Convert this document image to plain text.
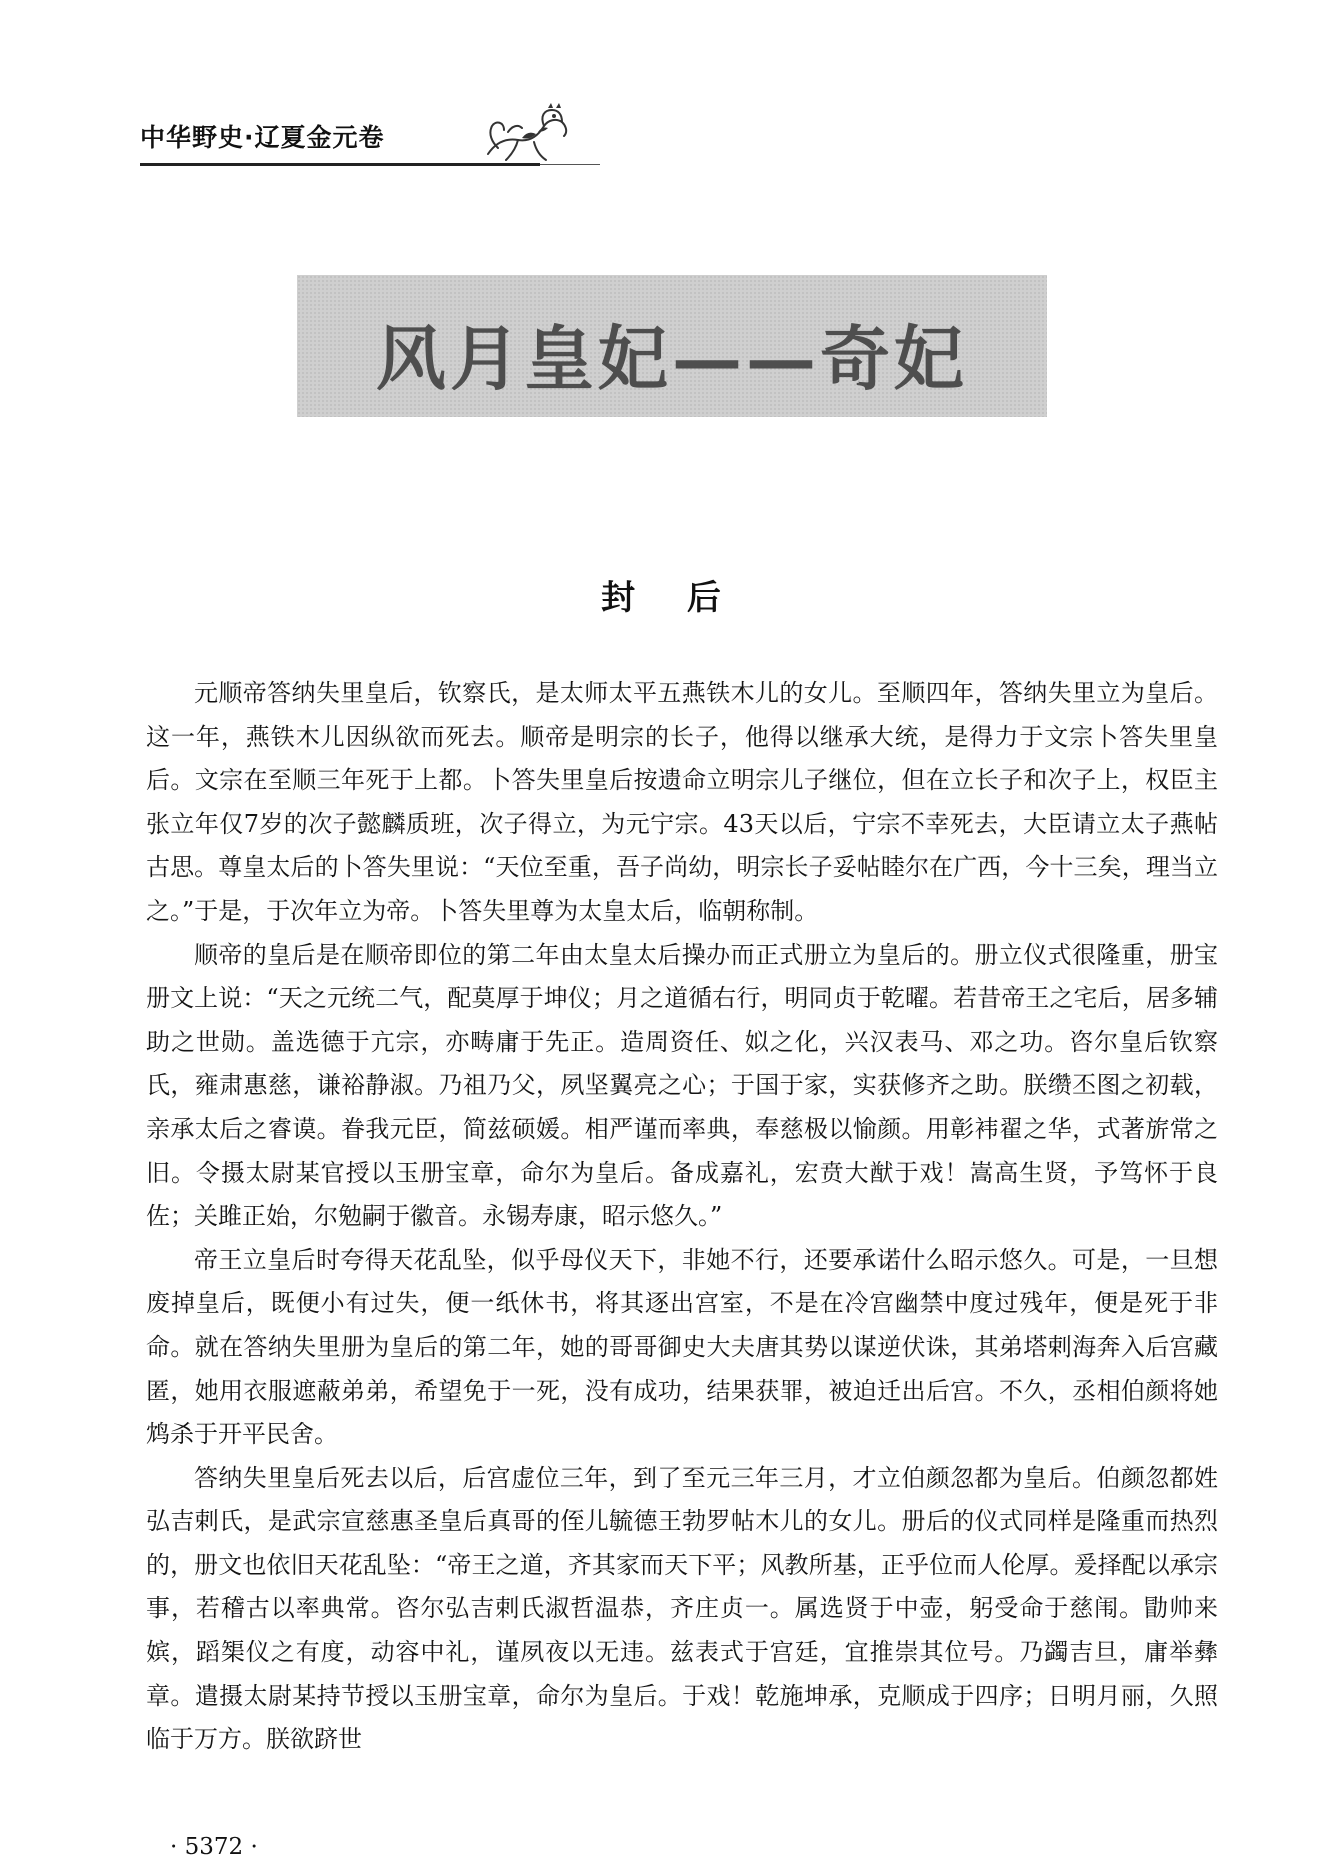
中华野史·辽夏金元卷
风月皇妃——奇妃
封 后

元顺帝答纳失里皇后，钦察氏，是太师太平五燕铁木儿的女儿。至顺四年，答纳失里立为皇后。这一年，燕铁木儿因纵欲而死去。顺帝是明宗的长子，他得以继承大统，是得力于文宗卜答失里皇后。文宗在至顺三年死于上都。卜答失里皇后按遗命立明宗儿子继位，但在立长子和次子上，权臣主张立年仅7岁的次子懿麟质班，次子得立，为元宁宗。43天以后，宁宗不幸死去，大臣请立太子燕帖古思。尊皇太后的卜答失里说：“天位至重，吾子尚幼，明宗长子妥帖睦尔在广西，今十三矣，理当立之。”于是，于次年立为帝。卜答失里尊为太皇太后，临朝称制。

顺帝的皇后是在顺帝即位的第二年由太皇太后操办而正式册立为皇后的。册立仪式很隆重，册宝册文上说：“天之元统二气，配莫厚于坤仪；月之道循右行，明同贞于乾曜。若昔帝王之宅后，居多辅助之世勋。盖选德于亢宗，亦畴庸于先正。造周资任、姒之化，兴汉表马、邓之功。咨尔皇后钦察氏，雍肃惠慈，谦裕静淑。乃祖乃父，夙坚翼亮之心；于国于家，实获修齐之助。朕缵丕图之初载，亲承太后之睿谟。眷我元臣，简兹硕媛。相严谨而率典，奉慈极以愉颜。用彰袆翟之华，式著旂常之旧。令摄太尉某官授以玉册宝章，命尔为皇后。备成嘉礼，宏贲大猷于戏！嵩高生贤，予笃怀于良佐；关雎正始，尔勉嗣于徽音。永锡寿康，昭示悠久。”

帝王立皇后时夸得天花乱坠，似乎母仪天下，非她不行，还要承诺什么昭示悠久。可是，一旦想废掉皇后，既便小有过失，便一纸休书，将其逐出宫室，不是在冷宫幽禁中度过残年，便是死于非命。就在答纳失里册为皇后的第二年，她的哥哥御史大夫唐其势以谋逆伏诛，其弟塔剌海奔入后宫藏匿，她用衣服遮蔽弟弟，希望免于一死，没有成功，结果获罪，被迫迁出后宫。不久，丞相伯颜将她鸩杀于开平民舍。

答纳失里皇后死去以后，后宫虚位三年，到了至元三年三月，才立伯颜忽都为皇后。伯颜忽都姓弘吉剌氏，是武宗宣慈惠圣皇后真哥的侄儿毓德王勃罗帖木儿的女儿。册后的仪式同样是隆重而热烈的，册文也依旧天花乱坠：“帝王之道，齐其家而天下平；风教所基，正乎位而人伦厚。爰择配以承宗事，若稽古以率典常。咨尔弘吉剌氏淑哲温恭，齐庄贞一。属选贤于中壶，躬受命于慈闱。勖帅来嫔，蹈榘仪之有度，动容中礼，谨夙夜以无违。兹表式于宫廷，宜推崇其位号。乃蠲吉旦，庸举彝章。遣摄太尉某持节授以玉册宝章，命尔为皇后。于戏！乾施坤承，克顺成于四序；日明月丽，久照临于万方。朕欲跻世

· 5372 ·
